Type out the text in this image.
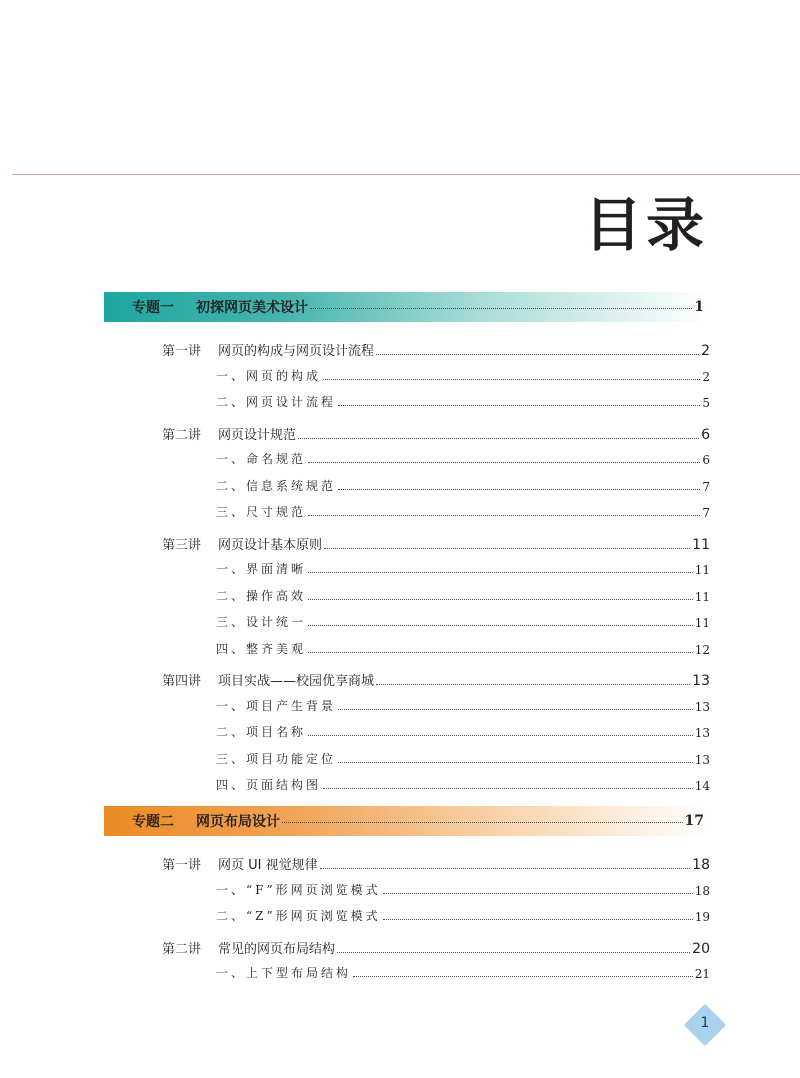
目录
专题一 初探网页美术设计	1
第一讲	网页的构成与网页设计流程	2
一、网页的构成	2
二、网页设计流程	5
第二讲	网页设计规范	6
一、命名规范	6
二、信息系统规范	7
三、尺寸规范	7
第三讲	网页设计基本原则	11
一、界面清晰	11
二、操作高效	11
三、设计统一	11
四、整齐美观	12
第四讲	项目实战——校园优享商城	13
一、项目产生背景	13
二、项目名称	13
三、项目功能定位	13
四、页面结构图	14
专题二 网页布局设计	17
第一讲	网页 UI 视觉规律	18
一、“F”形网页浏览模式	18
二、“Z”形网页浏览模式	19
第二讲	常见的网页布局结构	20
一、上下型布局结构	21
1
